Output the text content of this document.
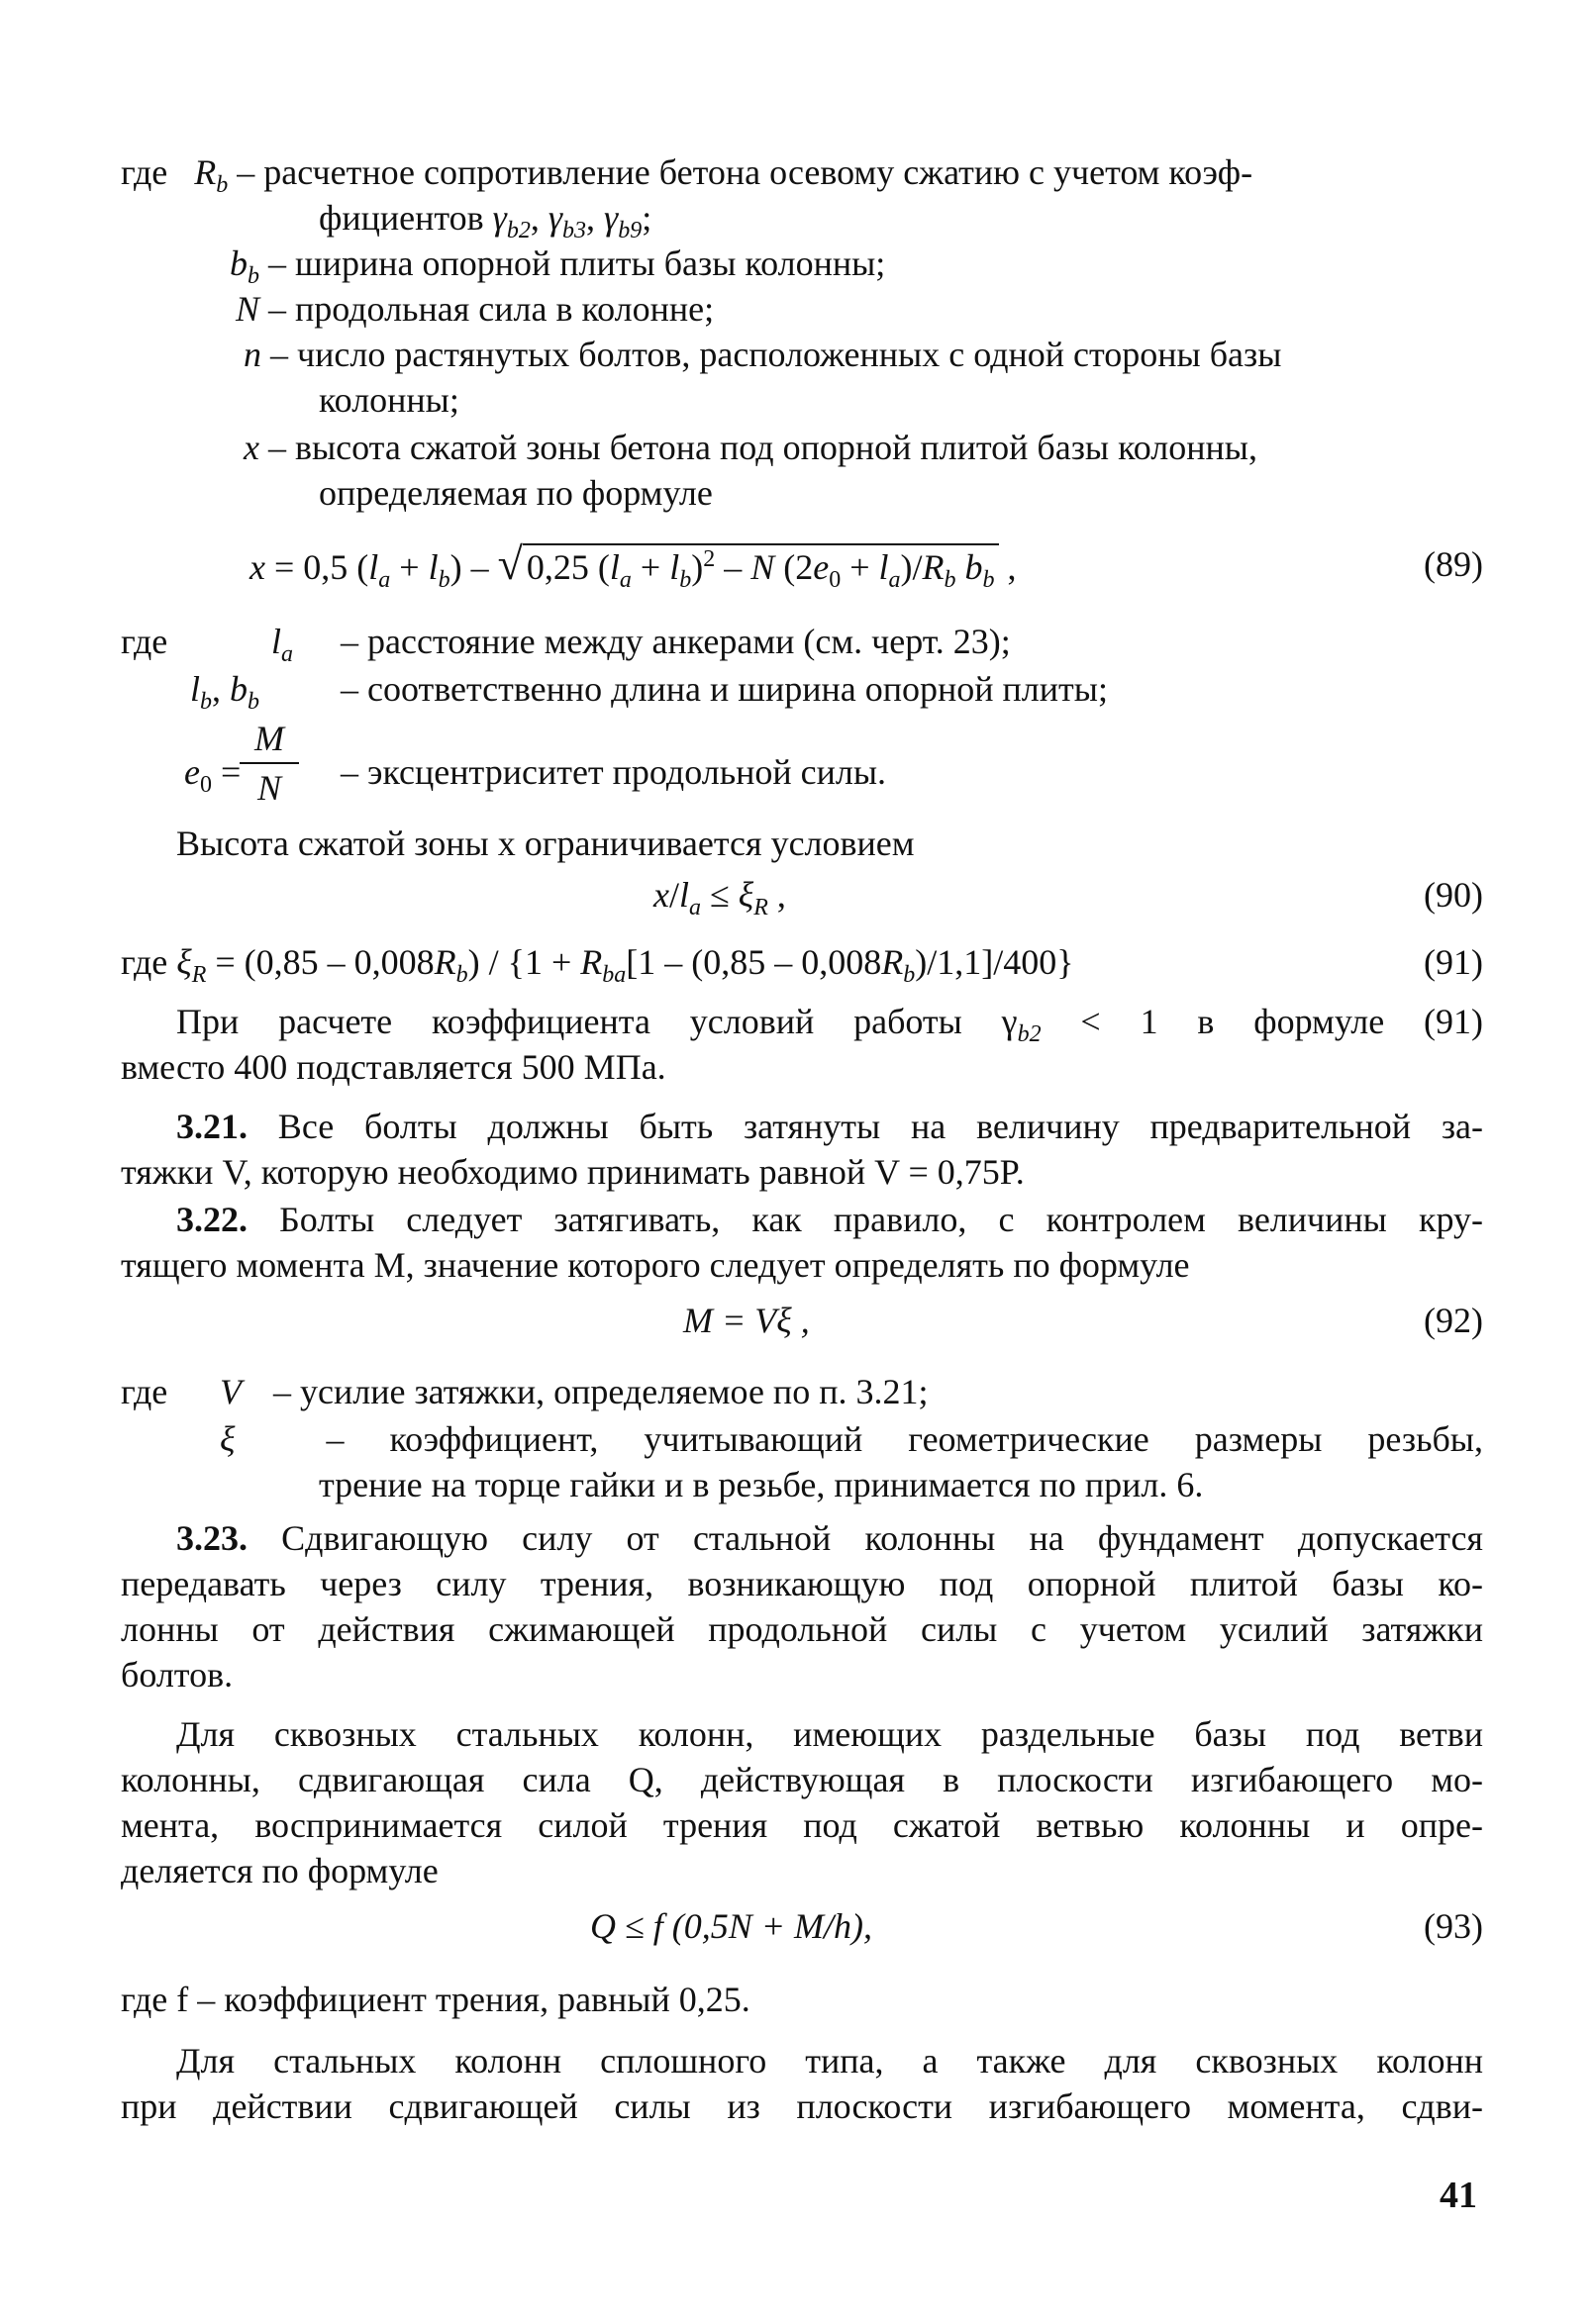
где $R_b$ – расчетное сопротивление бетона осевому сжатию с учетом коэф-
фициентов $\gamma_{b2}$, $\gamma_{b3}$, $\gamma_{b9}$;
$b_b$ – ширина опорной плиты базы колонны;
N – продольная сила в колонне;
n – число растянутых болтов, расположенных с одной стороны базы
колонны;
x – высота сжатой зоны бетона под опорной плитой базы колонны,
определяемая по формуле
x = 0,5 $(l_a + l_b)$ – √ 0,25 $(l_a + l_b)^2 - N$ $(2e_0 + l_a)/R_b$ $b_b$ ,	(89)
где	$l_a$ – расстояние между анкерами (см. черт. 23);
$l_b$, $b_b$ – соответственно длина и ширина опорной плиты;
$e_0$ =
M
N	– эксцентриситет продольной силы.
Высота сжатой зоны x ограничивается условием
$x/l_a \le \xi_R$ ,	(90)
где $\xi_R = (0,85 - 0,008R_b) / \{1 + R_{ba}[1 - (0,85 - 0,008R_b)/1,1]/400\}$	(91)
При расчете коэффициента условий работы $\gamma_{b2} < 1$ в формуле (91)
вместо 400 подставляется 500 МПа.
3.21. Все болты должны быть затянуты на величину предварительной за-
тяжки V, которую необходимо принимать равной V = 0,75P.
3.22. Болты следует затягивать, как правило, с контролем величины кру-
тящего момента M, значение которого следует определять по формуле
M = Vξ ,	(92)
где V – усилие затяжки, определяемое по п. 3.21;
ξ	– коэффициент, учитывающий геометрические размеры резьбы,
трение на торце гайки и в резьбе, принимается по прил. 6.
3.23. Сдвигающую силу от стальной колонны на фундамент допускается
передавать через силу трения, возникающую под опорной плитой базы ко-
лонны от действия сжимающей продольной силы с учетом усилий затяжки
болтов.
Для сквозных стальных колонн, имеющих раздельные базы под ветви
колонны, сдвигающая сила Q, действующая в плоскости изгибающего мо-
мента, воспринимается силой трения под сжатой ветвью колонны и опре-
деляется по формуле
Q ≤ f (0,5N + M/h),	(93)
где f – коэффициент трения, равный 0,25.
Для стальных колонн сплошного типа, а также для сквозных колонн
при действии сдвигающей силы из плоскости изгибающего момента, сдви-
41
